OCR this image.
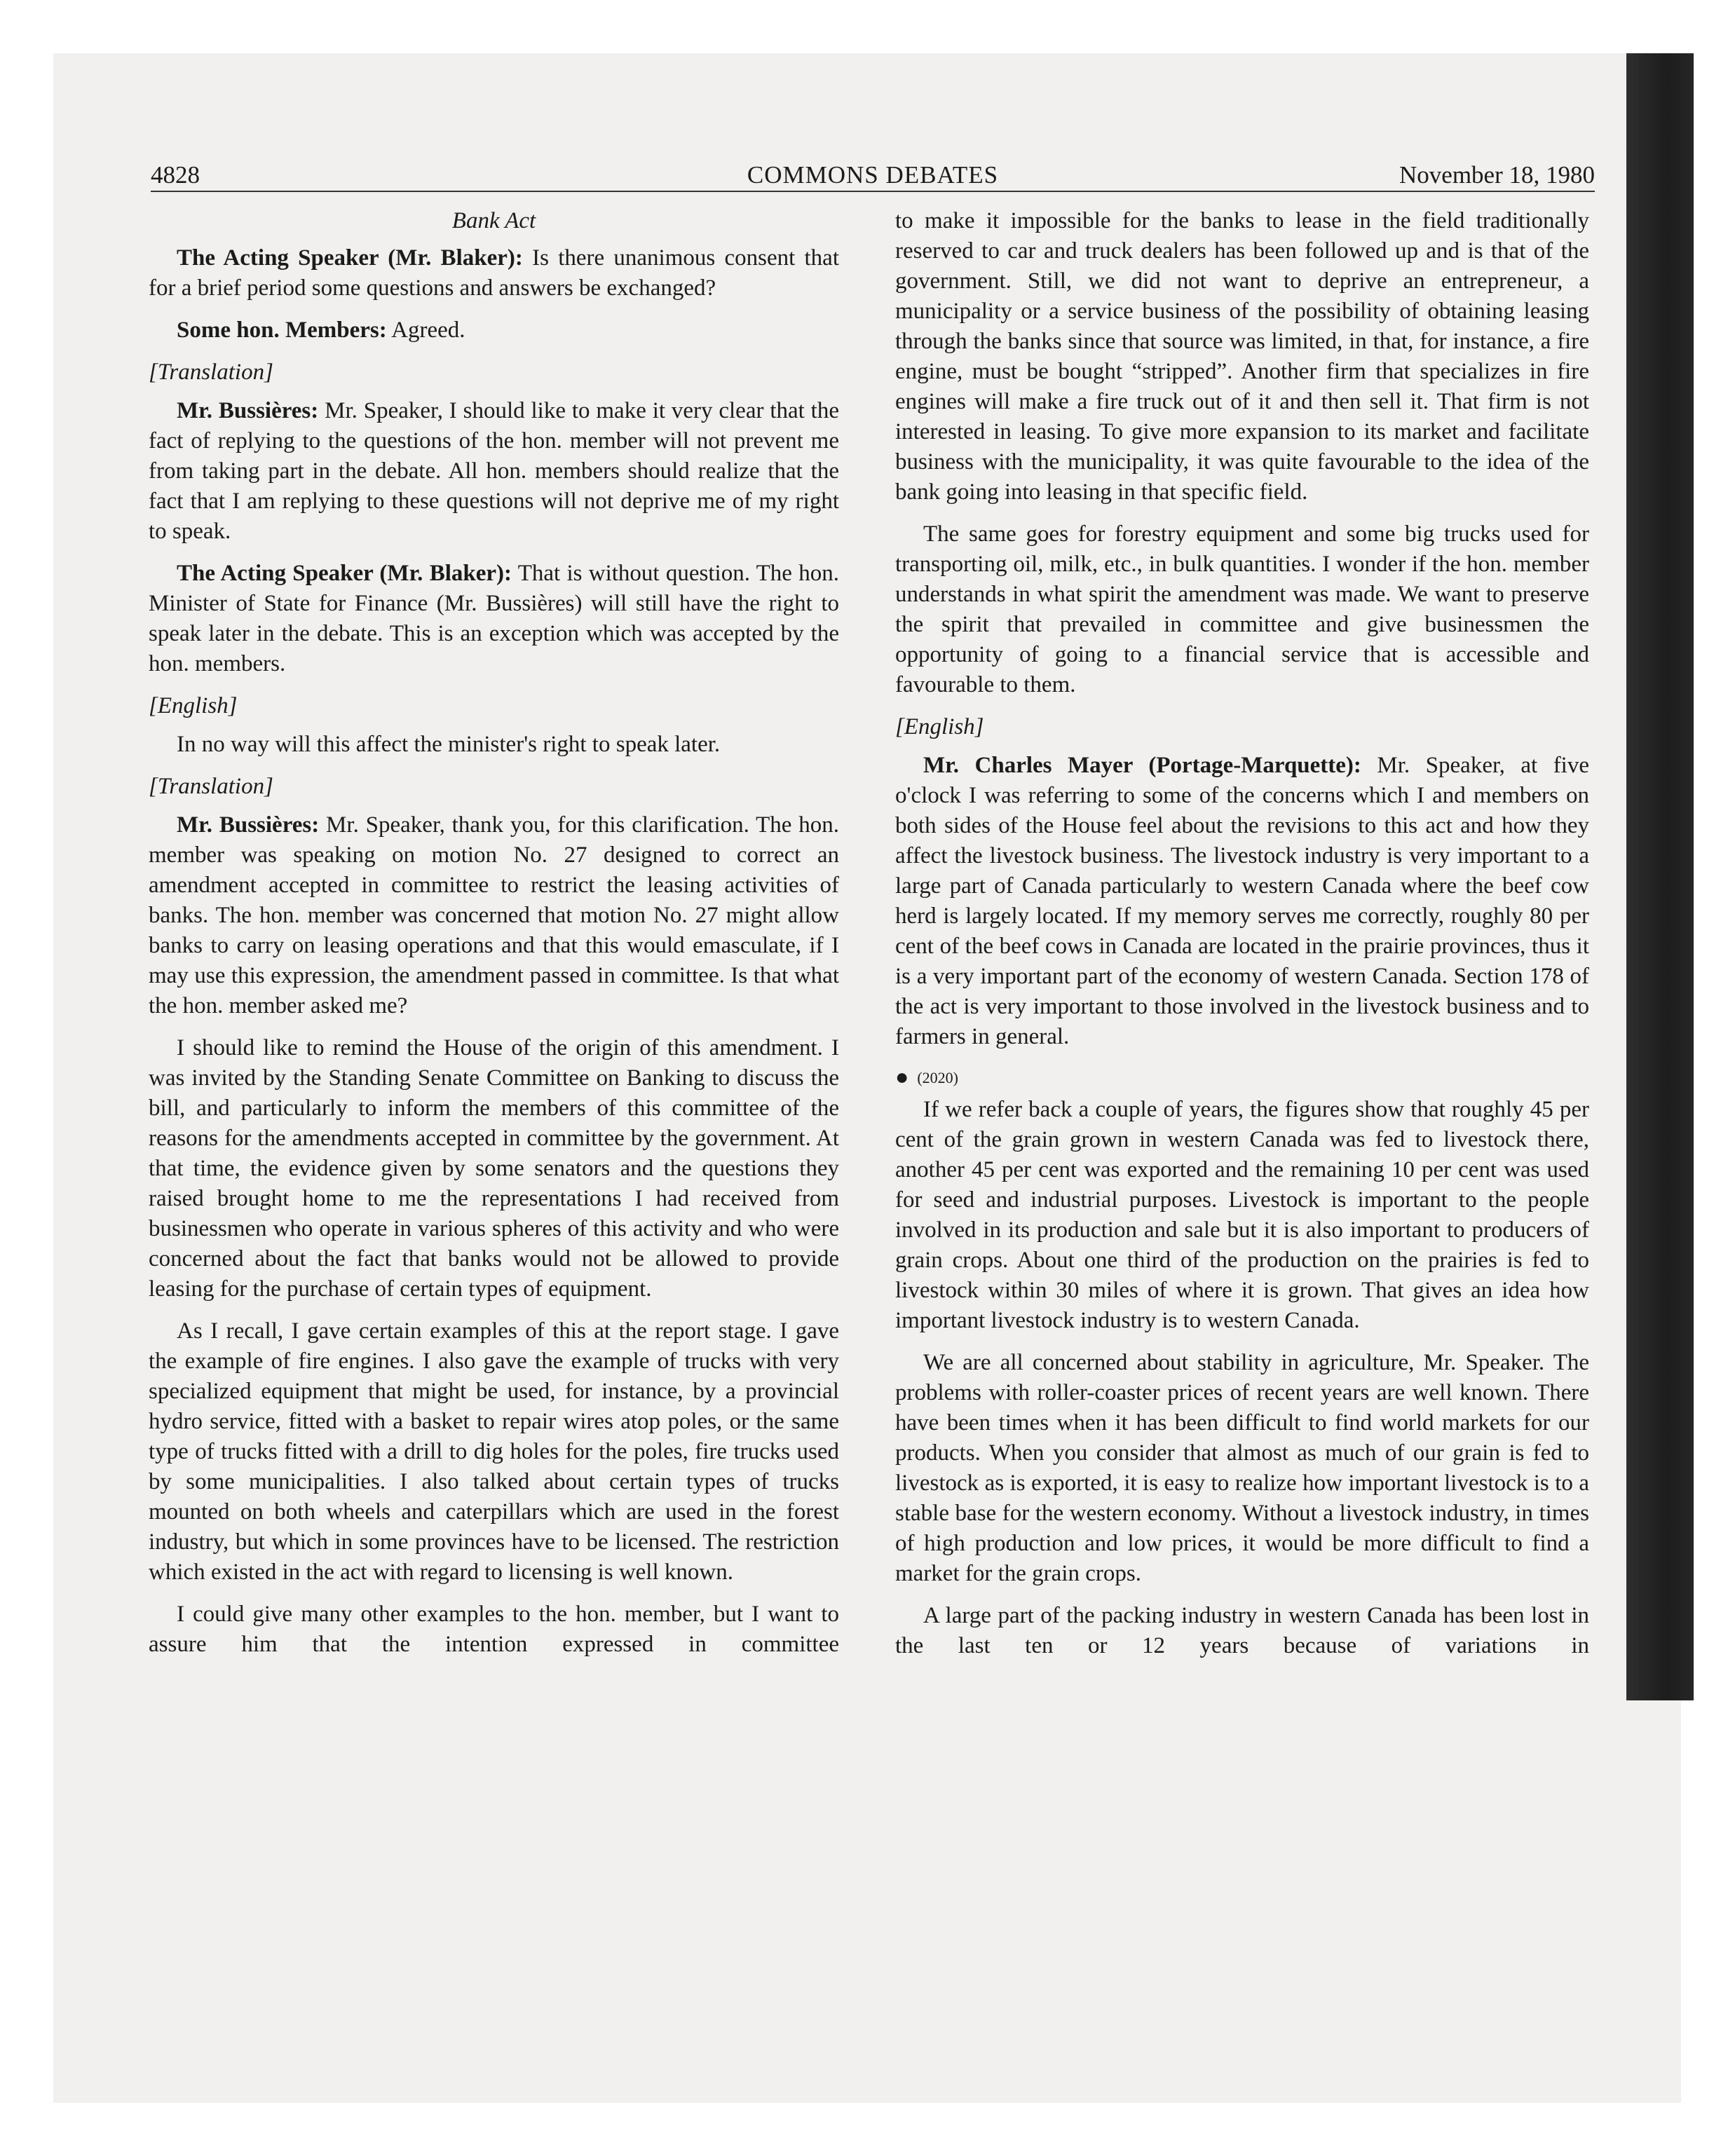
4828	COMMONS DEBATES	November 18, 1980
Bank Act

The Acting Speaker (Mr. Blaker): Is there unanimous consent that for a brief period some questions and answers be exchanged?

Some hon. Members: Agreed.

[Translation]

Mr. Bussières: Mr. Speaker, I should like to make it very clear that the fact of replying to the questions of the hon. member will not prevent me from taking part in the debate. All hon. members should realize that the fact that I am replying to these questions will not deprive me of my right to speak.

The Acting Speaker (Mr. Blaker): That is without question. The hon. Minister of State for Finance (Mr. Bussières) will still have the right to speak later in the debate. This is an exception which was accepted by the hon. members.

[English]

In no way will this affect the minister's right to speak later.

[Translation]

Mr. Bussières: Mr. Speaker, thank you, for this clarification. The hon. member was speaking on motion No. 27 designed to correct an amendment accepted in committee to restrict the leasing activities of banks. The hon. member was concerned that motion No. 27 might allow banks to carry on leasing operations and that this would emasculate, if I may use this expression, the amendment passed in committee. Is that what the hon. member asked me?

I should like to remind the House of the origin of this amendment. I was invited by the Standing Senate Committee on Banking to discuss the bill, and particularly to inform the members of this committee of the reasons for the amendments accepted in committee by the government. At that time, the evidence given by some senators and the questions they raised brought home to me the representations I had received from businessmen who operate in various spheres of this activity and who were concerned about the fact that banks would not be allowed to provide leasing for the purchase of certain types of equipment.

As I recall, I gave certain examples of this at the report stage. I gave the example of fire engines. I also gave the example of trucks with very specialized equipment that might be used, for instance, by a provincial hydro service, fitted with a basket to repair wires atop poles, or the same type of trucks fitted with a drill to dig holes for the poles, fire trucks used by some municipalities. I also talked about certain types of trucks mounted on both wheels and caterpillars which are used in the forest industry, but which in some provinces have to be licensed. The restriction which existed in the act with regard to licensing is well known.

I could give many other examples to the hon. member, but I want to assure him that the intention expressed in committee

to make it impossible for the banks to lease in the field traditionally reserved to car and truck dealers has been followed up and is that of the government. Still, we did not want to deprive an entrepreneur, a municipality or a service business of the possibility of obtaining leasing through the banks since that source was limited, in that, for instance, a fire engine, must be bought “stripped”. Another firm that specializes in fire engines will make a fire truck out of it and then sell it. That firm is not interested in leasing. To give more expansion to its market and facilitate business with the municipality, it was quite favourable to the idea of the bank going into leasing in that specific field.

The same goes for forestry equipment and some big trucks used for transporting oil, milk, etc., in bulk quantities. I wonder if the hon. member understands in what spirit the amendment was made. We want to preserve the spirit that prevailed in committee and give businessmen the opportunity of going to a financial service that is accessible and favourable to them.

[English]

Mr. Charles Mayer (Portage-Marquette): Mr. Speaker, at five o'clock I was referring to some of the concerns which I and members on both sides of the House feel about the revisions to this act and how they affect the livestock business. The livestock industry is very important to a large part of Canada particularly to western Canada where the beef cow herd is largely located. If my memory serves me correctly, roughly 80 per cent of the beef cows in Canada are located in the prairie provinces, thus it is a very important part of the economy of western Canada. Section 178 of the act is very important to those involved in the livestock business and to farmers in general.

● (2020)

If we refer back a couple of years, the figures show that roughly 45 per cent of the grain grown in western Canada was fed to livestock there, another 45 per cent was exported and the remaining 10 per cent was used for seed and industrial purposes. Livestock is important to the people involved in its production and sale but it is also important to producers of grain crops. About one third of the production on the prairies is fed to livestock within 30 miles of where it is grown. That gives an idea how important livestock industry is to western Canada.

We are all concerned about stability in agriculture, Mr. Speaker. The problems with roller-coaster prices of recent years are well known. There have been times when it has been difficult to find world markets for our products. When you consider that almost as much of our grain is fed to livestock as is exported, it is easy to realize how important livestock is to a stable base for the western economy. Without a livestock industry, in times of high production and low prices, it would be more difficult to find a market for the grain crops.

A large part of the packing industry in western Canada has been lost in the last ten or 12 years because of variations in
